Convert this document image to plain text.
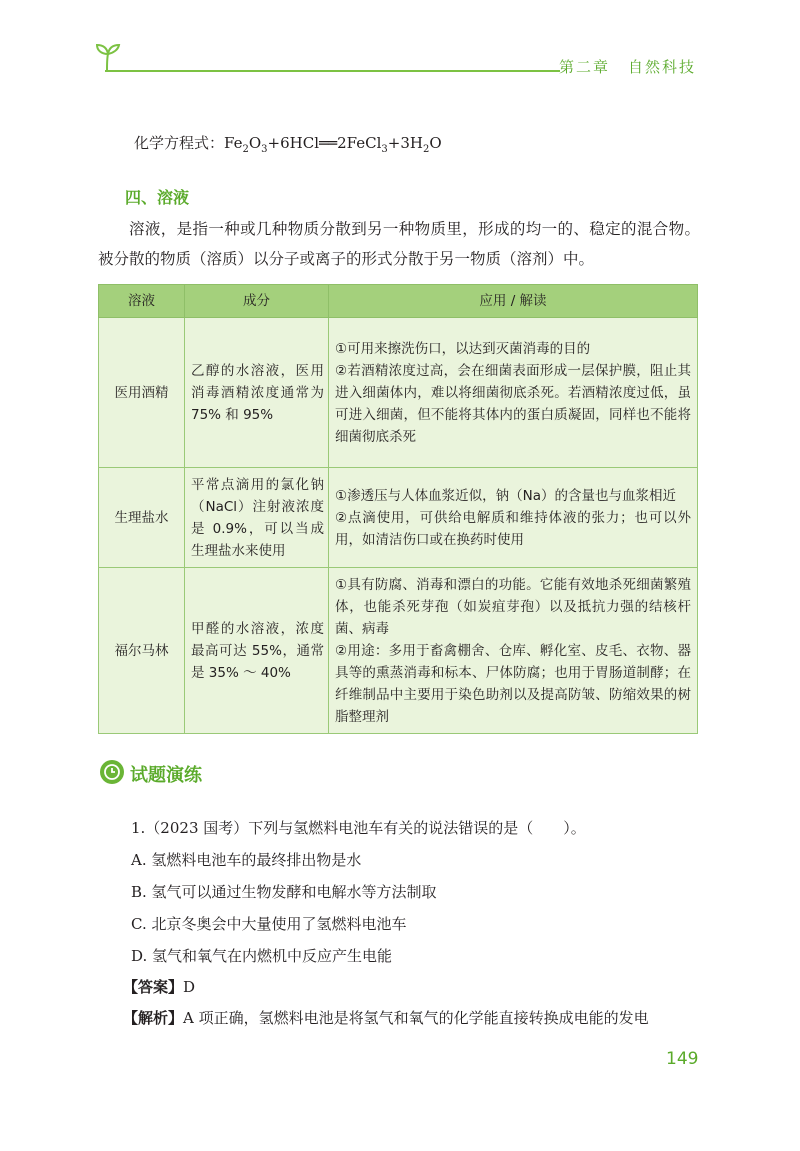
第二章 自然科技
化学方程式：$Fe_2O_3+6HCl══2FeCl_3+3H_2O$
四、溶液
溶液，是指一种或几种物质分散到另一种物质里，形成的均一的、稳定的混合物。被分散的物质（溶质）以分子或离子的形式分散于另一物质（溶剂）中。
溶液	成分	应用 / 解读
医用酒精	乙醇的水溶液，医用消毒酒精浓度通常为75% 和 95%	①可用来擦洗伤口，以达到灭菌消毒的目的
②若酒精浓度过高，会在细菌表面形成一层保护膜，阻止其进入细菌体内，难以将细菌彻底杀死。若酒精浓度过低，虽可进入细菌，但不能将其体内的蛋白质凝固，同样也不能将细菌彻底杀死

生理盐水	平常点滴用的氯化钠（NaCl）注射液浓度是 0.9%，可以当成生理盐水来使用	①渗透压与人体血浆近似，钠（Na）的含量也与血浆相近
②点滴使用，可供给电解质和维持体液的张力；也可以外用，如清洁伤口或在换药时使用

福尔马林	甲醛的水溶液，浓度最高可达 55%，通常是 35% ～ 40%	①具有防腐、消毒和漂白的功能。它能有效地杀死细菌繁殖体，也能杀死芽孢（如炭疽芽孢）以及抵抗力强的结核杆菌、病毒
②用途：多用于畜禽棚舍、仓库、孵化室、皮毛、衣物、器具等的熏蒸消毒和标本、尸体防腐；也用于胃肠道制酵；在纤维制品中主要用于染色助剂以及提高防皱、防缩效果的树脂整理剂
试题演练
1.（2023 国考）下列与氢燃料电池车有关的说法错误的是（　　）。
A. 氢燃料电池车的最终排出物是水
B. 氢气可以通过生物发酵和电解水等方法制取
C. 北京冬奥会中大量使用了氢燃料电池车
D. 氢气和氧气在内燃机中反应产生电能
【答案】D
【解析】A 项正确，氢燃料电池是将氢气和氧气的化学能直接转换成电能的发电
149
